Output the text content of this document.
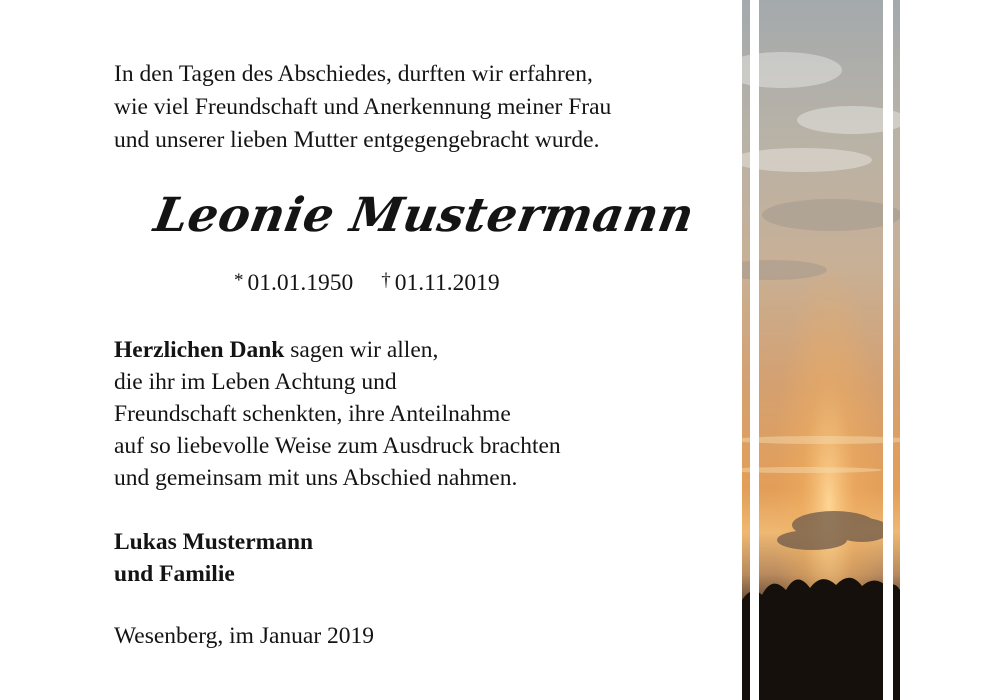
In den Tagen des Abschiedes, durften wir erfahren,
wie viel Freundschaft und Anerkennung meiner Frau
und unserer lieben Mutter entgegengebracht wurde.
Leonie Mustermann
* 01.01.1950 † 01.11.2019
Herzlichen Dank sagen wir allen,
die ihr im Leben Achtung und
Freundschaft schenkten, ihre Anteilnahme
auf so liebevolle Weise zum Ausdruck brachten
und gemeinsam mit uns Abschied nahmen.
Lukas Mustermann
und Familie
Wesenberg, im Januar 2019
